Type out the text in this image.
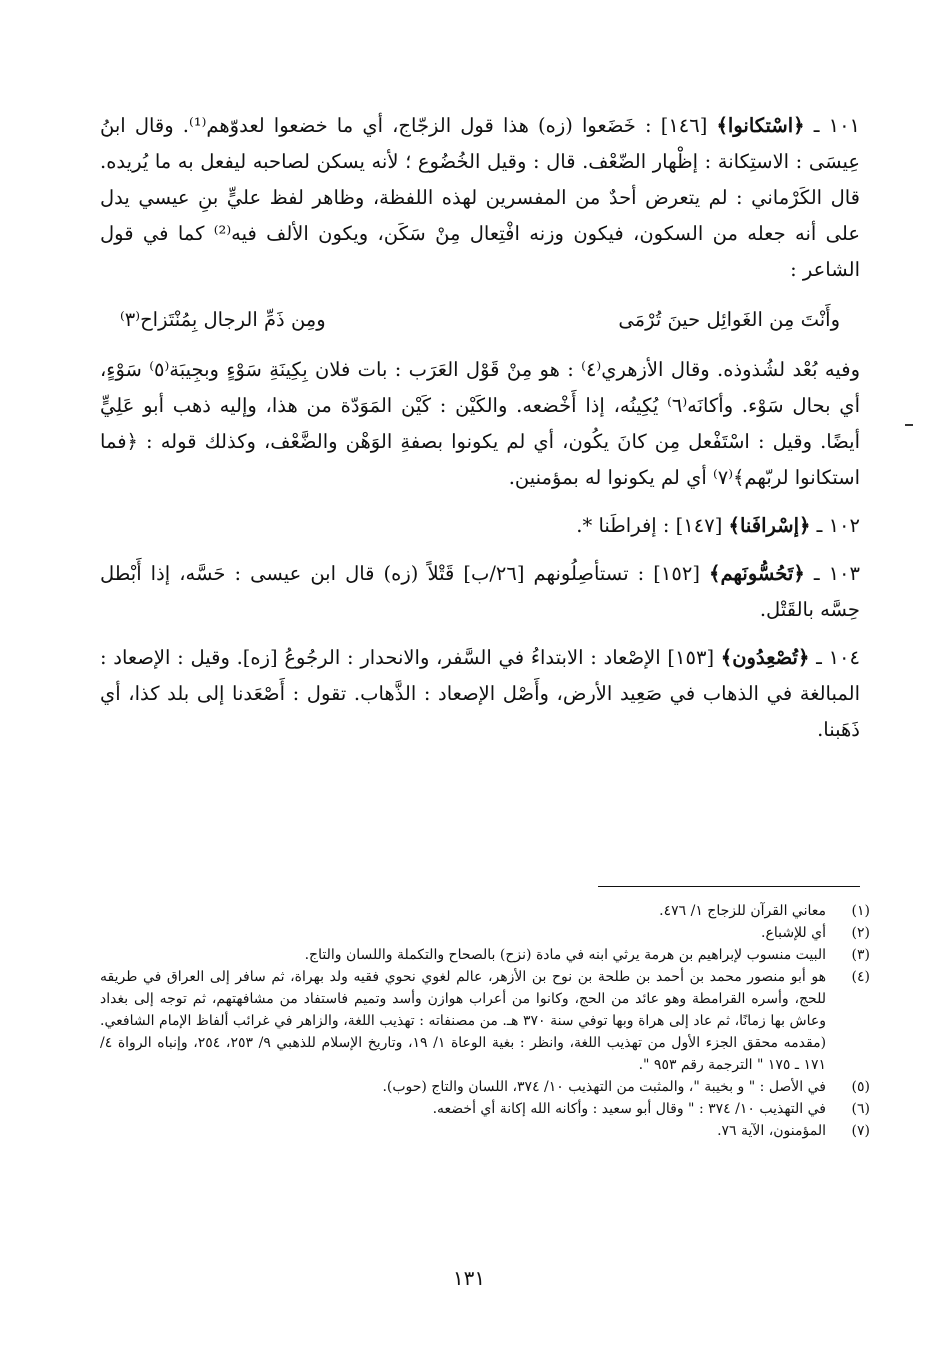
١٠١ ـ ﴿اسْتكانوا﴾ [١٤٦] : خَضَعوا (زه) هذا قول الزجّاج، أي ما خضعوا لعدوّهم⁽¹⁾. وقال ابنُ عِيسَى : الاستِكانة : إظْهار الضّعْف. قال : وقيل الخُضُوع ؛ لأنه يسكن لصاحبه ليفعل به ما يُريده. قال الكَرْماني : لم يتعرض أحدٌ من المفسرين لهذه اللفظة، وظاهر لفظ عليٍّ بنِ عيسي يدل على أنه جعله من السكون، فيكون وزنه افْتِعال مِنْ سَكَن، ويكون الألف فيه⁽²⁾ كما في قول الشاعر :

وأَنْتَ مِن الغَوائِل حينَ تُرْمَى
ومِن ذَمِّ الرجال بِمُنْتَزاح⁽٣⁾

وفيه بُعْد لشُذوذه. وقال الأزهري⁽٤⁾ : هو مِنْ قَوْل العَرَب : بات فلان بِكِينَةِ سَوْءٍ وبجِيبَة⁽٥⁾ سَوْءٍ، أي بحال سَوْء. وأكانَه⁽٦⁾ يُكِينُه، إذا أَخْضعه. والكَيْن : كَيْن المَوَدّة من هذا، وإليه ذهب أبو عَلِيٍّ أيضًا. وقيل : اسْتَفْعل مِن كانَ يكُون، أي لم يكونوا بصفةِ الوَهْن والضَّعْف، وكذلك قوله : ﴿فما استكانوا لربّهم﴾⁽٧⁾ أي لم يكونوا له بمؤمنين.

١٠٢ ـ ﴿إسْرافَنا﴾ [١٤٧] : إفراطَنا *.

١٠٣ ـ ﴿تَحُسُّونَهم﴾ [١٥٢] : تستأصِلُونهم [٢٦/ب] قَتْلاً (زه) قال ابن عيسى : حَسَّه، إذا أَبْطل حِسَّه بالقَتْل.

١٠٤ ـ ﴿تُصْعِدُون﴾ [١٥٣] الإصْعاد : الابتداءُ في السَّفر، والانحدار : الرجُوعُ [زه]. وقيل : الإصعاد : المبالغة في الذهاب في صَعِيد الأرض، وأَصْل الإصعاد : الذَّهاب. تقول : أَصْعَدنا إلى بلد كذا، أي ذَهَبنا.

(١)
معاني القرآن للزجاج ١/ ٤٧٦.
(٢)
أي للإشباع.
(٣)
البيت منسوب لإبراهيم بن هرمة يرثي ابنه في مادة (نزح) بالصحاح والتكملة واللسان والتاج.
(٤)
هو أبو منصور محمد بن أحمد بن طلحة بن نوح بن الأزهر، عالم لغوي نحوي فقيه ولد بهراة، ثم سافر إلى العراق في طريقه للحج، وأسره القرامطة وهو عائد من الحج، وكانوا من أعراب هوازن وأسد وتميم فاستفاد من مشافهتهم، ثم توجه إلى بغداد وعاش بها زمانًا، ثم عاد إلى هراة وبها توفي سنة ٣٧٠ هـ. من مصنفاته : تهذيب اللغة، والزاهر في غرائب ألفاظ الإمام الشافعي. (مقدمه محقق الجزء الأول من تهذيب اللغة، وانظر : بغية الوعاة ١/ ١٩، وتاريخ الإسلام للذهبي ٩/ ٢٥٣، ٢٥٤، وإنباه الرواة ٤/ ١٧١ ـ ١٧٥ " الترجمة رقم ٩٥٣ ".
(٥)
في الأصل : " و بخيبة "، والمثبت من التهذيب ١٠/ ٣٧٤، اللسان والتاج (حوب).
(٦)
في التهذيب ١٠/ ٣٧٤ : " وقال أبو سعيد : وأكانه الله إكانة أي أخضعه.
(٧)
المؤمنون، الآية ٧٦.
١٣١
